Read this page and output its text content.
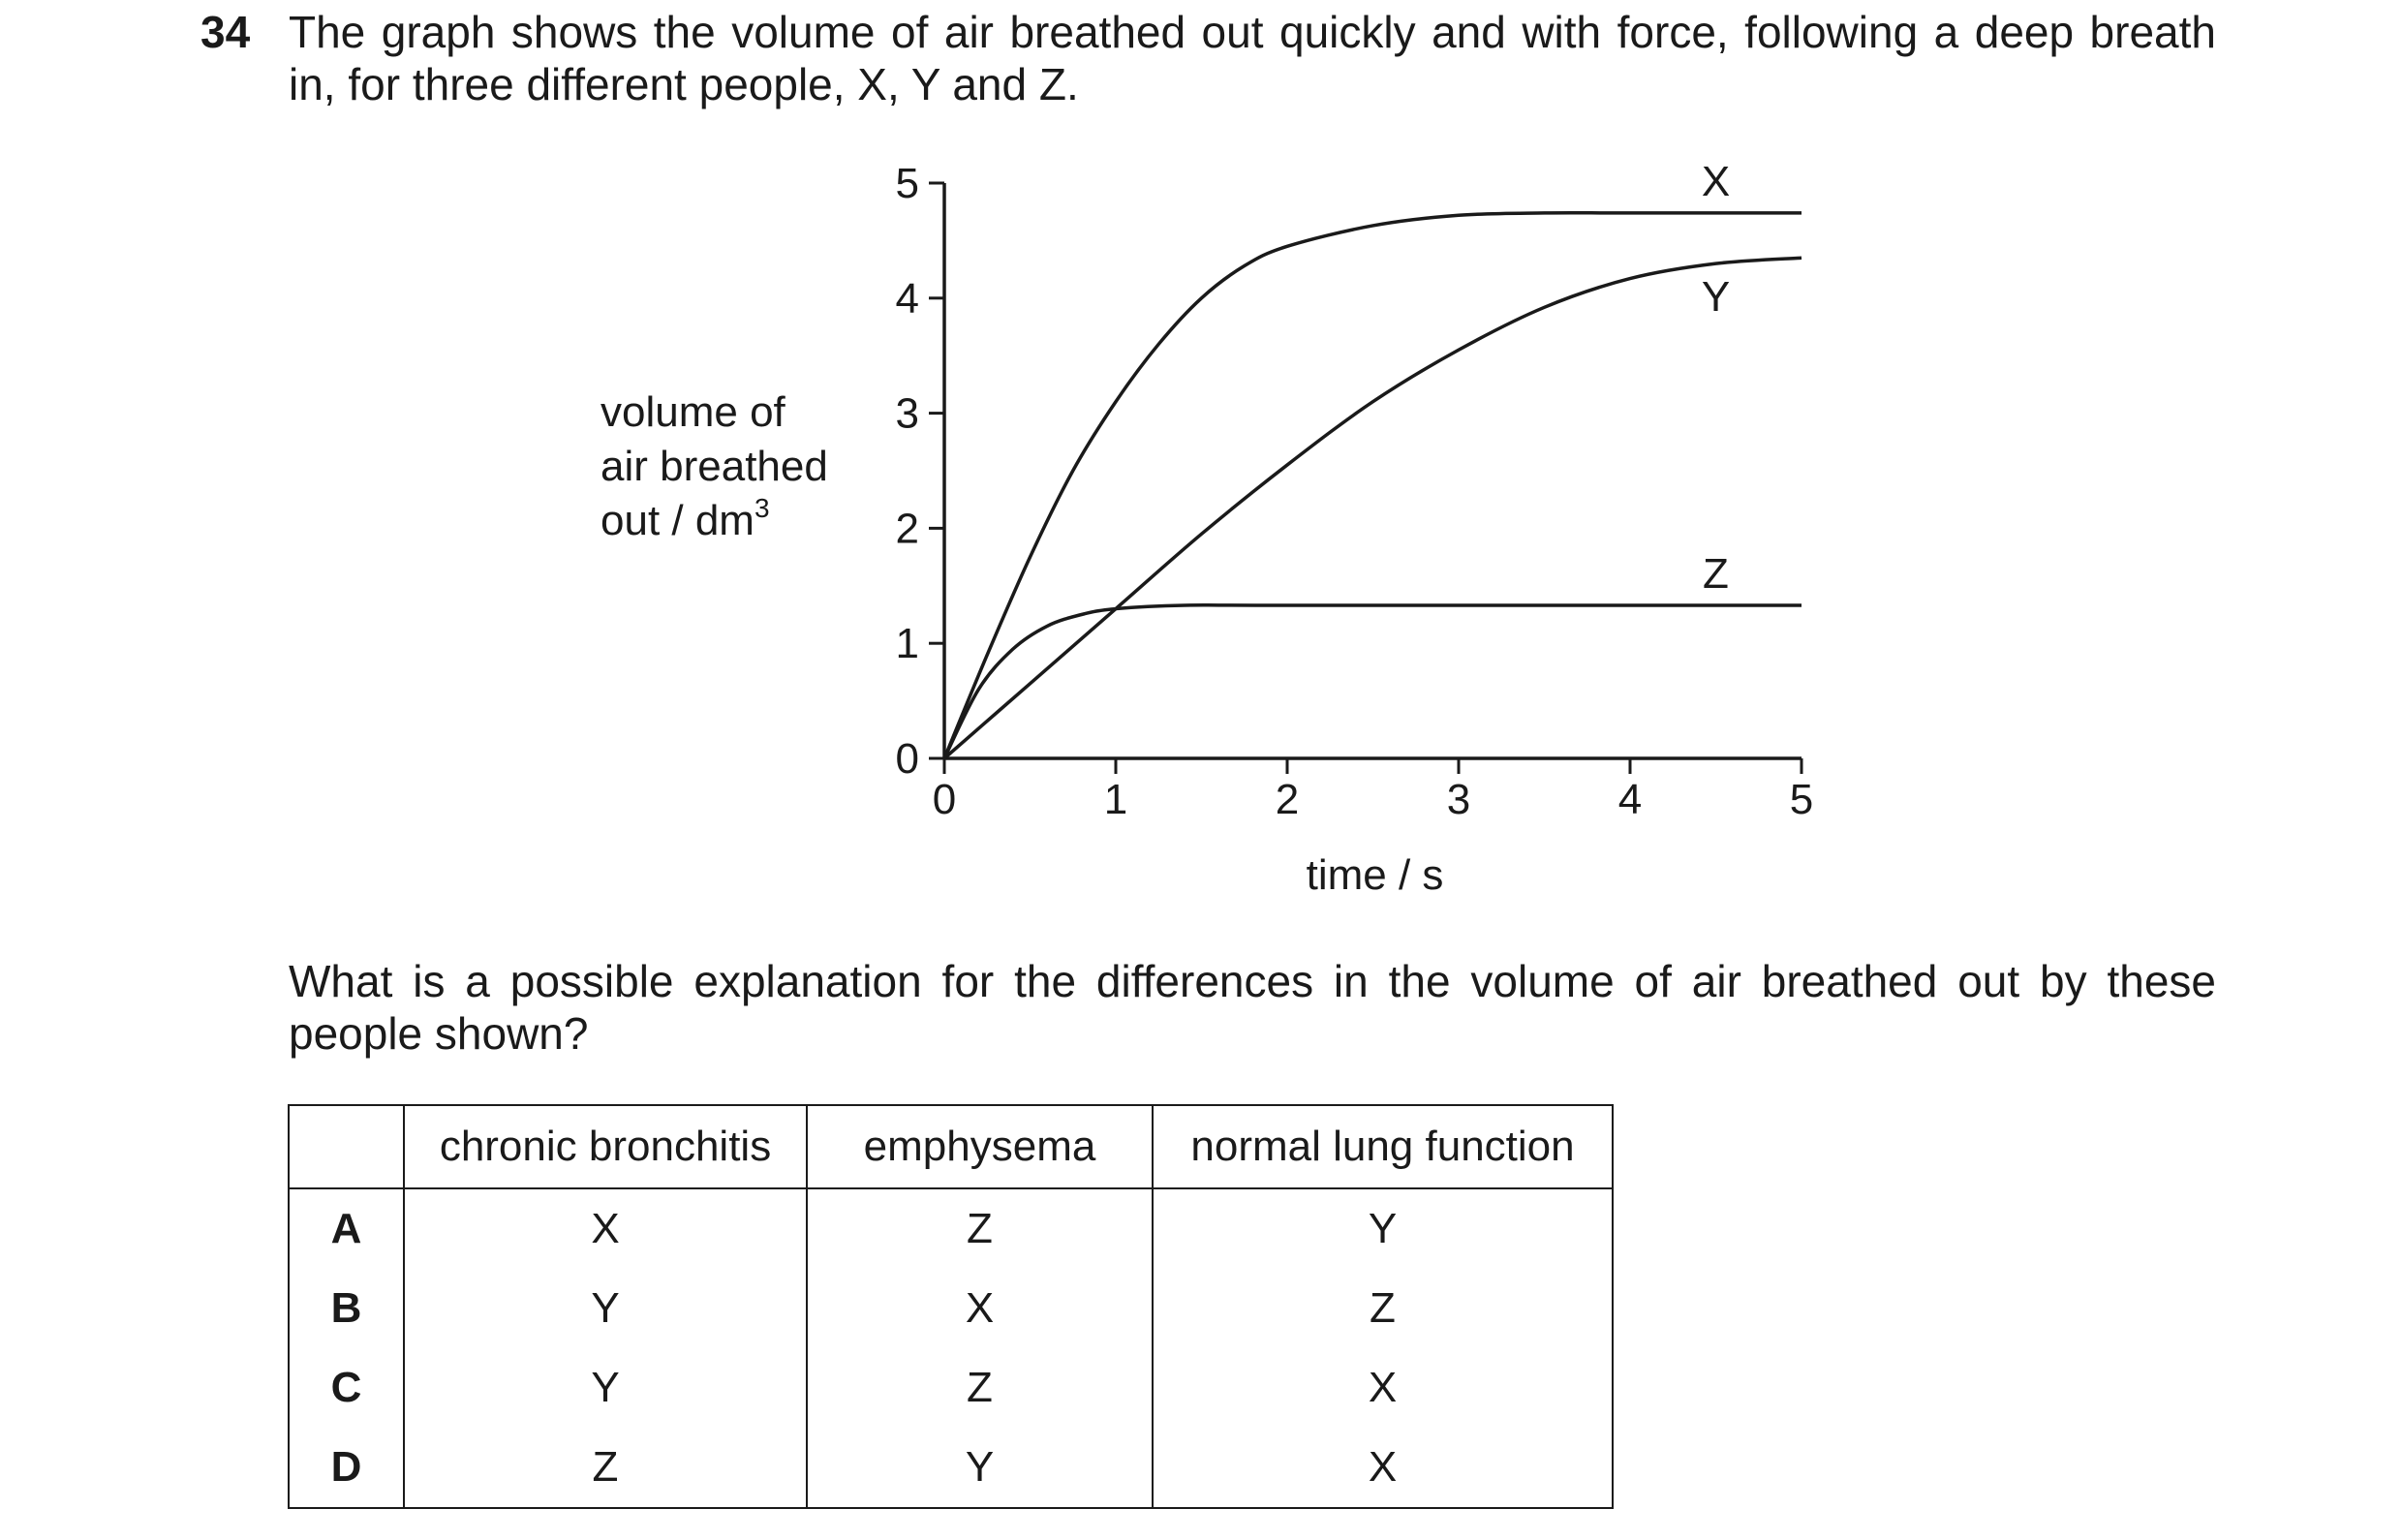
34 The graph shows the volume of air breathed out quickly and with force, following a deep breath in, for three different people, X, Y and Z.
volume of
air breathed
out / $dm^3$
0
1
2
3
4
5
0	1	2	3	4	5
time / s
X
Y
Z
What is a possible explanation for the differences in the volume of air breathed out by these people shown?
	chronic bronchitis	emphysema	normal lung function
A	X	Z	Y
B	Y	X	Z
C	Y	Z	X
D	Z	Y	X
